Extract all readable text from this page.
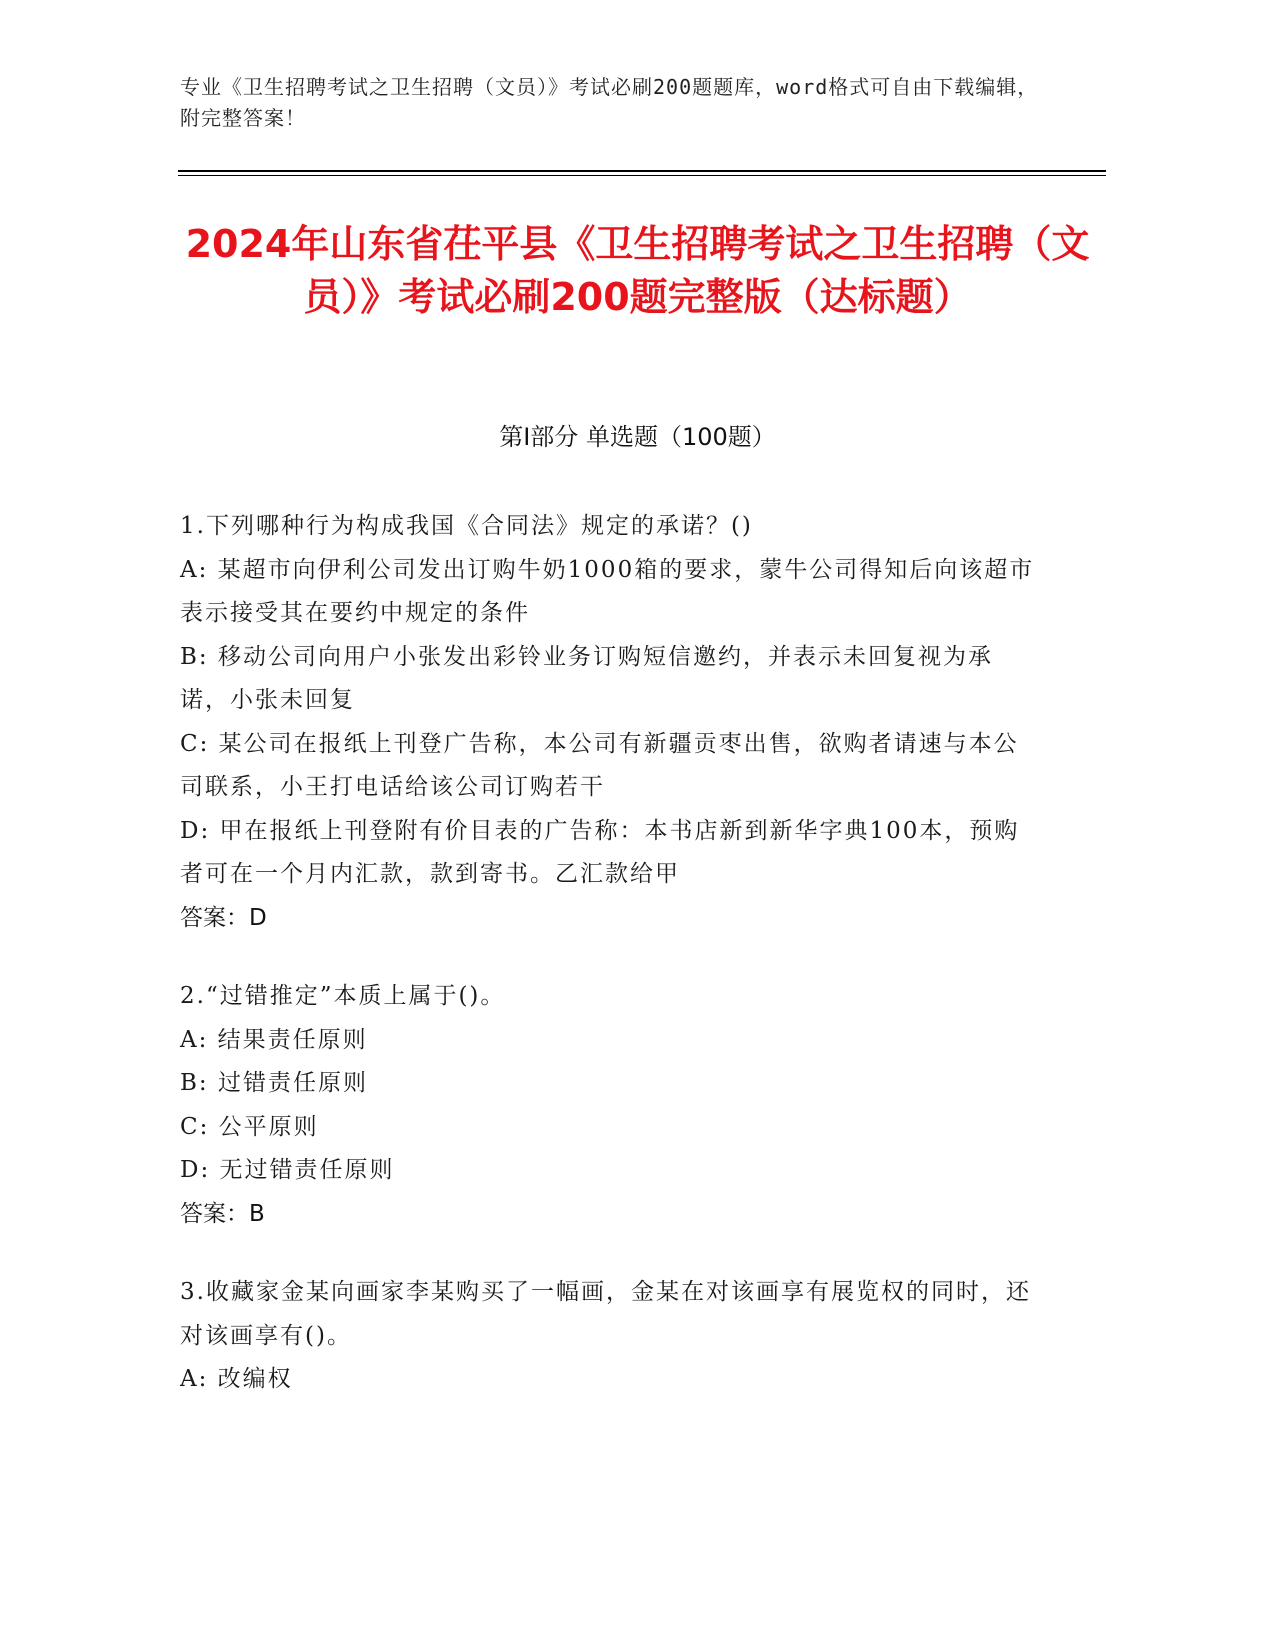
专业《卫生招聘考试之卫生招聘（文员）》考试必刷200题题库，word格式可自由下载编辑，附完整答案！
2024年山东省茌平县《卫生招聘考试之卫生招聘（文员）》考试必刷200题完整版（达标题）
第Ⅰ部分 单选题（100题）

1.下列哪种行为构成我国《合同法》规定的承诺？()

A: 某超市向伊利公司发出订购牛奶1000箱的要求，蒙牛公司得知后向该超市表示接受其在要约中规定的条件

B: 移动公司向用户小张发出彩铃业务订购短信邀约，并表示未回复视为承诺，小张未回复

C: 某公司在报纸上刊登广告称，本公司有新疆贡枣出售，欲购者请速与本公司联系，小王打电话给该公司订购若干

D: 甲在报纸上刊登附有价目表的广告称：本书店新到新华字典100本，预购者可在一个月内汇款，款到寄书。乙汇款给甲

答案：D

2.“过错推定”本质上属于()。

A: 结果责任原则

B: 过错责任原则

C: 公平原则

D: 无过错责任原则

答案：B

3.收藏家金某向画家李某购买了一幅画，金某在对该画享有展览权的同时，还对该画享有()。

A: 改编权
